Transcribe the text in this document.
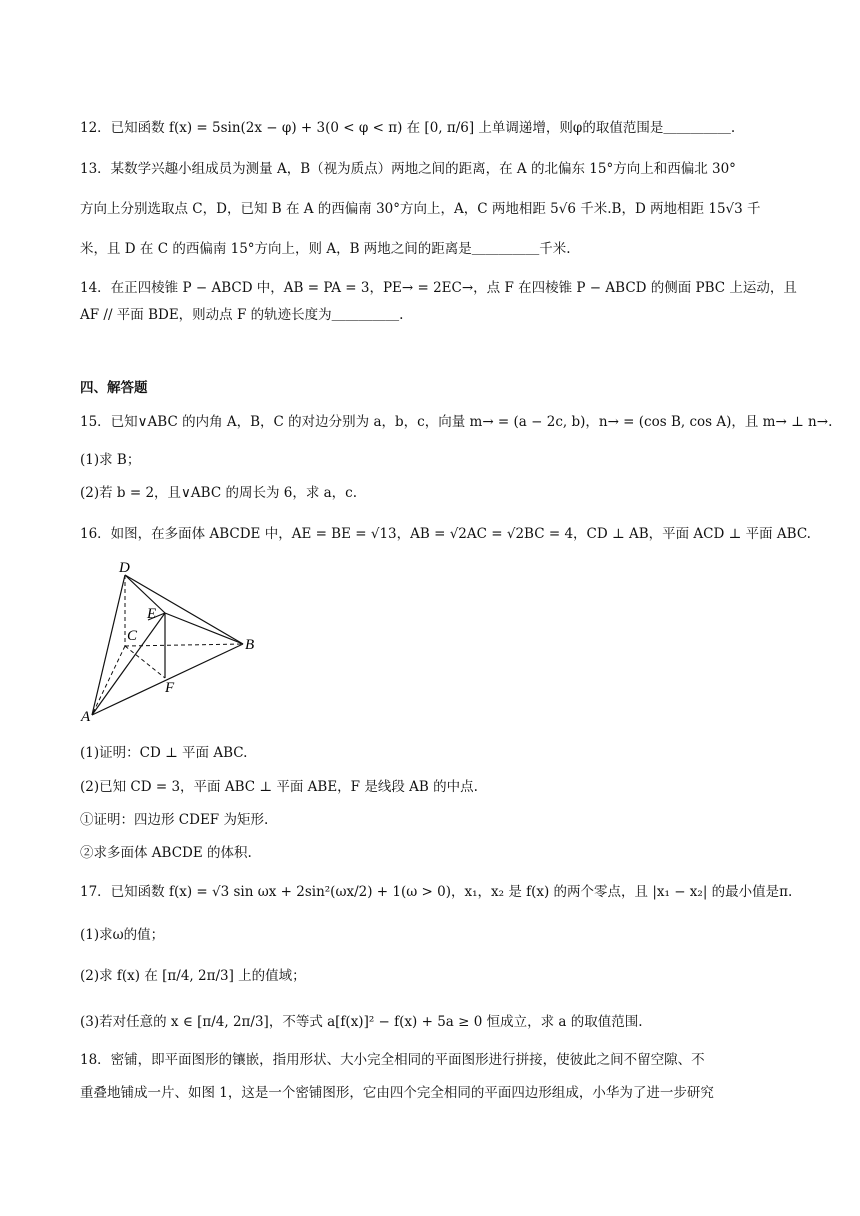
12．已知函数 f(x) = 5sin(2x − φ) + 3(0 < φ < π) 在 [0, π/6] 上单调递增，则φ的取值范围是＿＿＿＿＿.
13．某数学兴趣小组成员为测量 A，B（视为质点）两地之间的距离，在 A 的北偏东 15°方向上和西偏北 30°
方向上分别选取点 C，D，已知 B 在 A 的西偏南 30°方向上，A，C 两地相距 5√6 千米.B，D 两地相距 15√3 千
米，且 D 在 C 的西偏南 15°方向上，则 A，B 两地之间的距离是＿＿＿＿＿千米.
14．在正四棱锥 P − ABCD 中，AB = PA = 3，PE→ = 2EC→，点 F 在四棱锥 P − ABCD 的侧面 PBC 上运动，且
AF // 平面 BDE，则动点 F 的轨迹长度为＿＿＿＿＿.
四、解答题
15．已知∨ABC 的内角 A，B，C 的对边分别为 a，b，c，向量 m→ = (a − 2c, b)，n→ = (cos B, cos A)，且 m→ ⊥ n→.
(1)求 B；
(2)若 b = 2，且∨ABC 的周长为 6，求 a，c.
16．如图，在多面体 ABCDE 中，AE = BE = √13，AB = √2AC = √2BC = 4，CD ⊥ AB，平面 ACD ⊥ 平面 ABC.
(1)证明：CD ⊥ 平面 ABC.
(2)已知 CD = 3，平面 ABC ⊥ 平面 ABE，F 是线段 AB 的中点.
①证明：四边形 CDEF 为矩形.
②求多面体 ABCDE 的体积.
17．已知函数 f(x) = √3 sin ωx + 2sin²(ωx/2) + 1(ω > 0)，x₁，x₂ 是 f(x) 的两个零点，且 |x₁ − x₂| 的最小值是π.
(1)求ω的值；
(2)求 f(x) 在 [π/4, 2π/3] 上的值域；
(3)若对任意的 x ∈ [π/4, 2π/3]，不等式 a[f(x)]² − f(x) + 5a ≥ 0 恒成立，求 a 的取值范围.
18．密铺，即平面图形的镶嵌，指用形状、大小完全相同的平面图形进行拼接，使彼此之间不留空隙、不
重叠地铺成一片、如图 1，这是一个密铺图形，它由四个完全相同的平面四边形组成，小华为了进一步研究
D
E
C
B
F
A
